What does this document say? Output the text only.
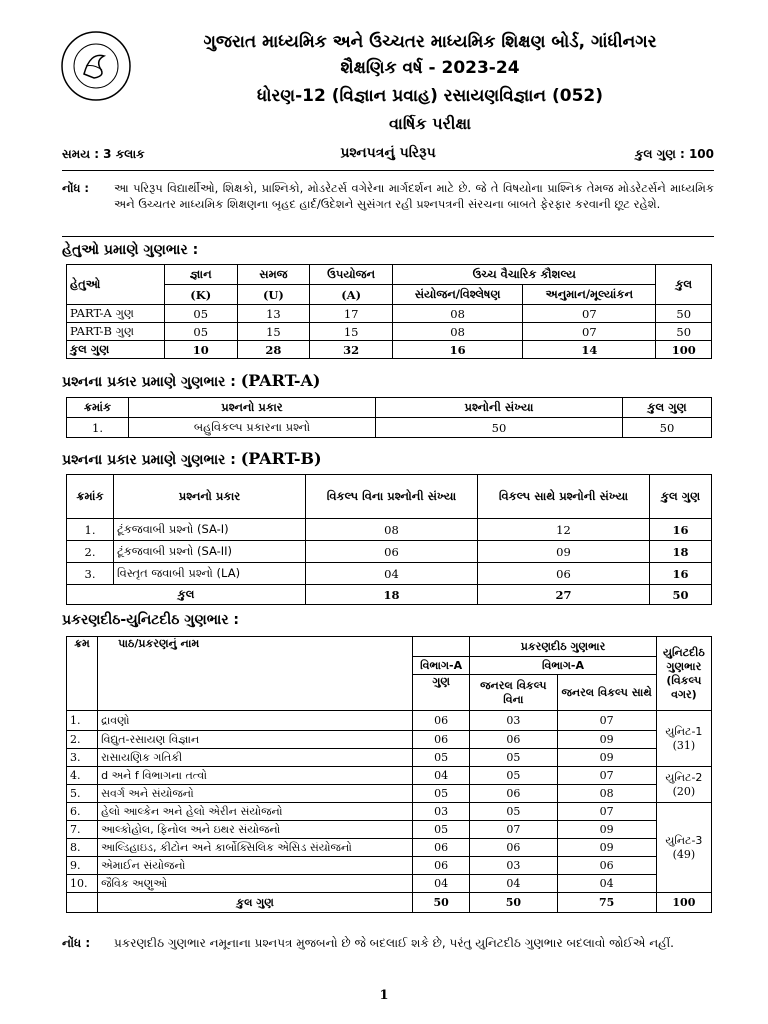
ગુજરાત માધ્યમિક અને ઉચ્ચતર માધ્યમિક શિક્ષણ બોર્ડ, ગાંધીનગર
શૈક્ષણિક વર્ષ - 2023-24
ધોરણ-12 (વિજ્ઞાન પ્રવાહ) રસાયણવિજ્ઞાન (052)
વાર્ષિક પરીક્ષા
સમય : 3 કલાક	પ્રશ્નપત્રનું પરિરૂપ	કુલ ગુણ : 100
નોંધ : આ પરિરૂપ વિદ્યાર્થીઓ, શિક્ષકો, પ્રાશ્નિકો, મોડરેટર્સ વગેરેના માર્ગદર્શન માટે છે. જે તે વિષયોના પ્રાશ્નિક તેમજ મોડરેટર્સને માધ્યમિક અને ઉચ્ચતર માધ્યમિક શિક્ષણના બૃહદ હાર્દ/ઉદેશને સુસંગત રહી પ્રશ્નપત્રની સંરચના બાબતે ફેરફાર કરવાની છૂટ રહેશે.
હેતુઓ પ્રમાણે ગુણભાર :
હેતુઓ	જ્ઞાન	સમજ	ઉપયોજન	ઉચ્ચ વૈચારિક કૌશલ્ય		કુલ
	(K)	(U)	(A)	સંયોજન/વિશ્લેષણ	અનુમાન/મૂલ્યાંકન	
PART-A ગુણ	05	13	17	08	07	50
PART-B ગુણ	05	15	15	08	07	50
કુલ ગુણ	10	28	32	16	14	100
પ્રશ્નના પ્રકાર પ્રમાણે ગુણભાર : (PART-A)
ક્રમાંક	પ્રશ્નનો પ્રકાર	પ્રશ્નોની સંખ્યા	કુલ ગુણ
1.	બહુવિકલ્પ પ્રકારના પ્રશ્નો	50	50
પ્રશ્નના પ્રકાર પ્રમાણે ગુણભાર : (PART-B)
ક્રમાંક	પ્રશ્નનો પ્રકાર	વિકલ્પ વિના પ્રશ્નોની સંખ્યા	વિકલ્પ સાથે પ્રશ્નોની સંખ્યા	કુલ ગુણ
1.	ટૂંકજવાબી પ્રશ્નો (SA-I)	08	12	16
2.	ટૂંકજવાબી પ્રશ્નો (SA-II)	06	09	18
3.	વિસ્તૃત જવાબી પ્રશ્નો (LA)	04	06	16
કુલ		18	27	50
પ્રકરણદીઠ-યુનિટદીઠ ગુણભાર :
ક્રમ	પાઠ/પ્રકરણનું નામ		પ્રકરણદીઠ ગુણભાર		યુનિટદીઠ ગુણભાર
(વિકલ્પ વગર)
		વિભાગ-A	વિભાગ-A		
		ગુણ	જનરલ વિકલ્પ વિના	જનરલ વિકલ્પ સાથે	
1.	દ્રાવણો	06	03	07	યુનિટ-1
(31)
2.	વિદ્યુત-રસાયણ વિજ્ઞાન	06	06	09	
3.	રાસાયણિક ગતિકી	05	05	09	
4.	d અને f વિભાગના તત્વો	04	05	07	યુનિટ-2
(20)
5.	સવર્ગ અને સંયોજનો	05	06	08	
6.	હેલો આલ્કેન અને હેલો એરીન સંયોજનો	03	05	07	યુનિટ-3
(49)
7.	આલ્કોહોલ, ફિનોલ અને ઇથર સંયોજનો	05	07	09	
8.	આલ્ડિહાઇડ, કીટોન અને કાર્બોક્સિલિક એસિડ સંયોજનો	06	06	09	
9.	એમાઈન સંયોજનો	06	03	06	
10.	જૈવિક અણુઓ	04	04	04	
	કુલ ગુણ	50	50	75	100
નોંધ : પ્રકરણદીઠ ગુણભાર નમૂનાના પ્રશ્નપત્ર મુજબનો છે જે બદલાઈ શકે છે, પરંતુ યુનિટદીઠ ગુણભાર બદલાવો જોઈએ નહીં.
1
